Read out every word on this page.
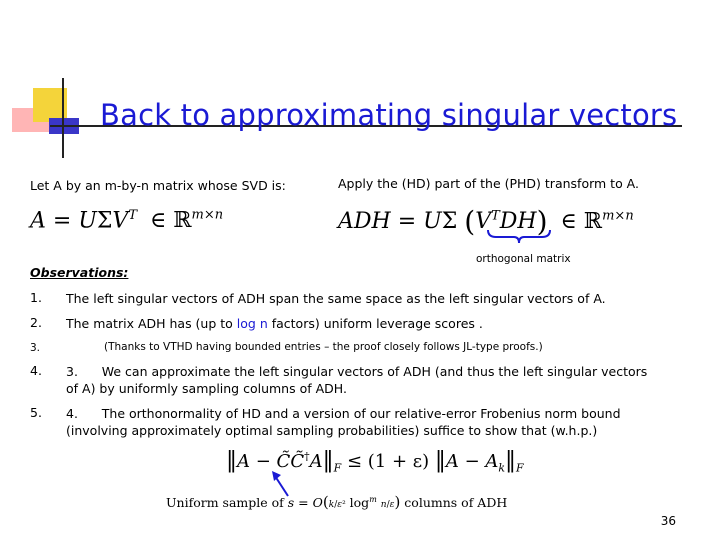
Back to approximating singular vectors
Let A by an m-by-n matrix whose SVD is:	Apply the (HD) part of the (PHD) transform to A.
$A = U\Sigma V^T$ ∈ ℝ$^{m\times n}$	ADH = UΣ $(V^TDH)$ ∈ ℝ$^{m\times n}$
orthogonal matrix
Observations:
1. The left singular vectors of ADH span the same space as the left singular vectors of A.
2. The matrix ADH has (up to log n factors) uniform leverage scores .
3.	(Thanks to VTHD having bounded entries – the proof closely follows JL-type proofs.)
4. 3.      We can approximate the left singular vectors of ADH (and thus the left singular vectors
of A) by uniformly sampling columns of ADH.
5. 4.      The orthonormality of HD and a version of our relative-error Frobenius norm bound
(involving approximately optimal sampling probabilities) suffice to show that (w.h.p.)
‖A − $C̃C̃^\dagger A‖_F \le (1 + \varepsilon)$ ‖A − $A_k‖_F$
Uniform sample of s = O(k/ε² $\log^m n/\varepsilon$) columns of ADH
36
